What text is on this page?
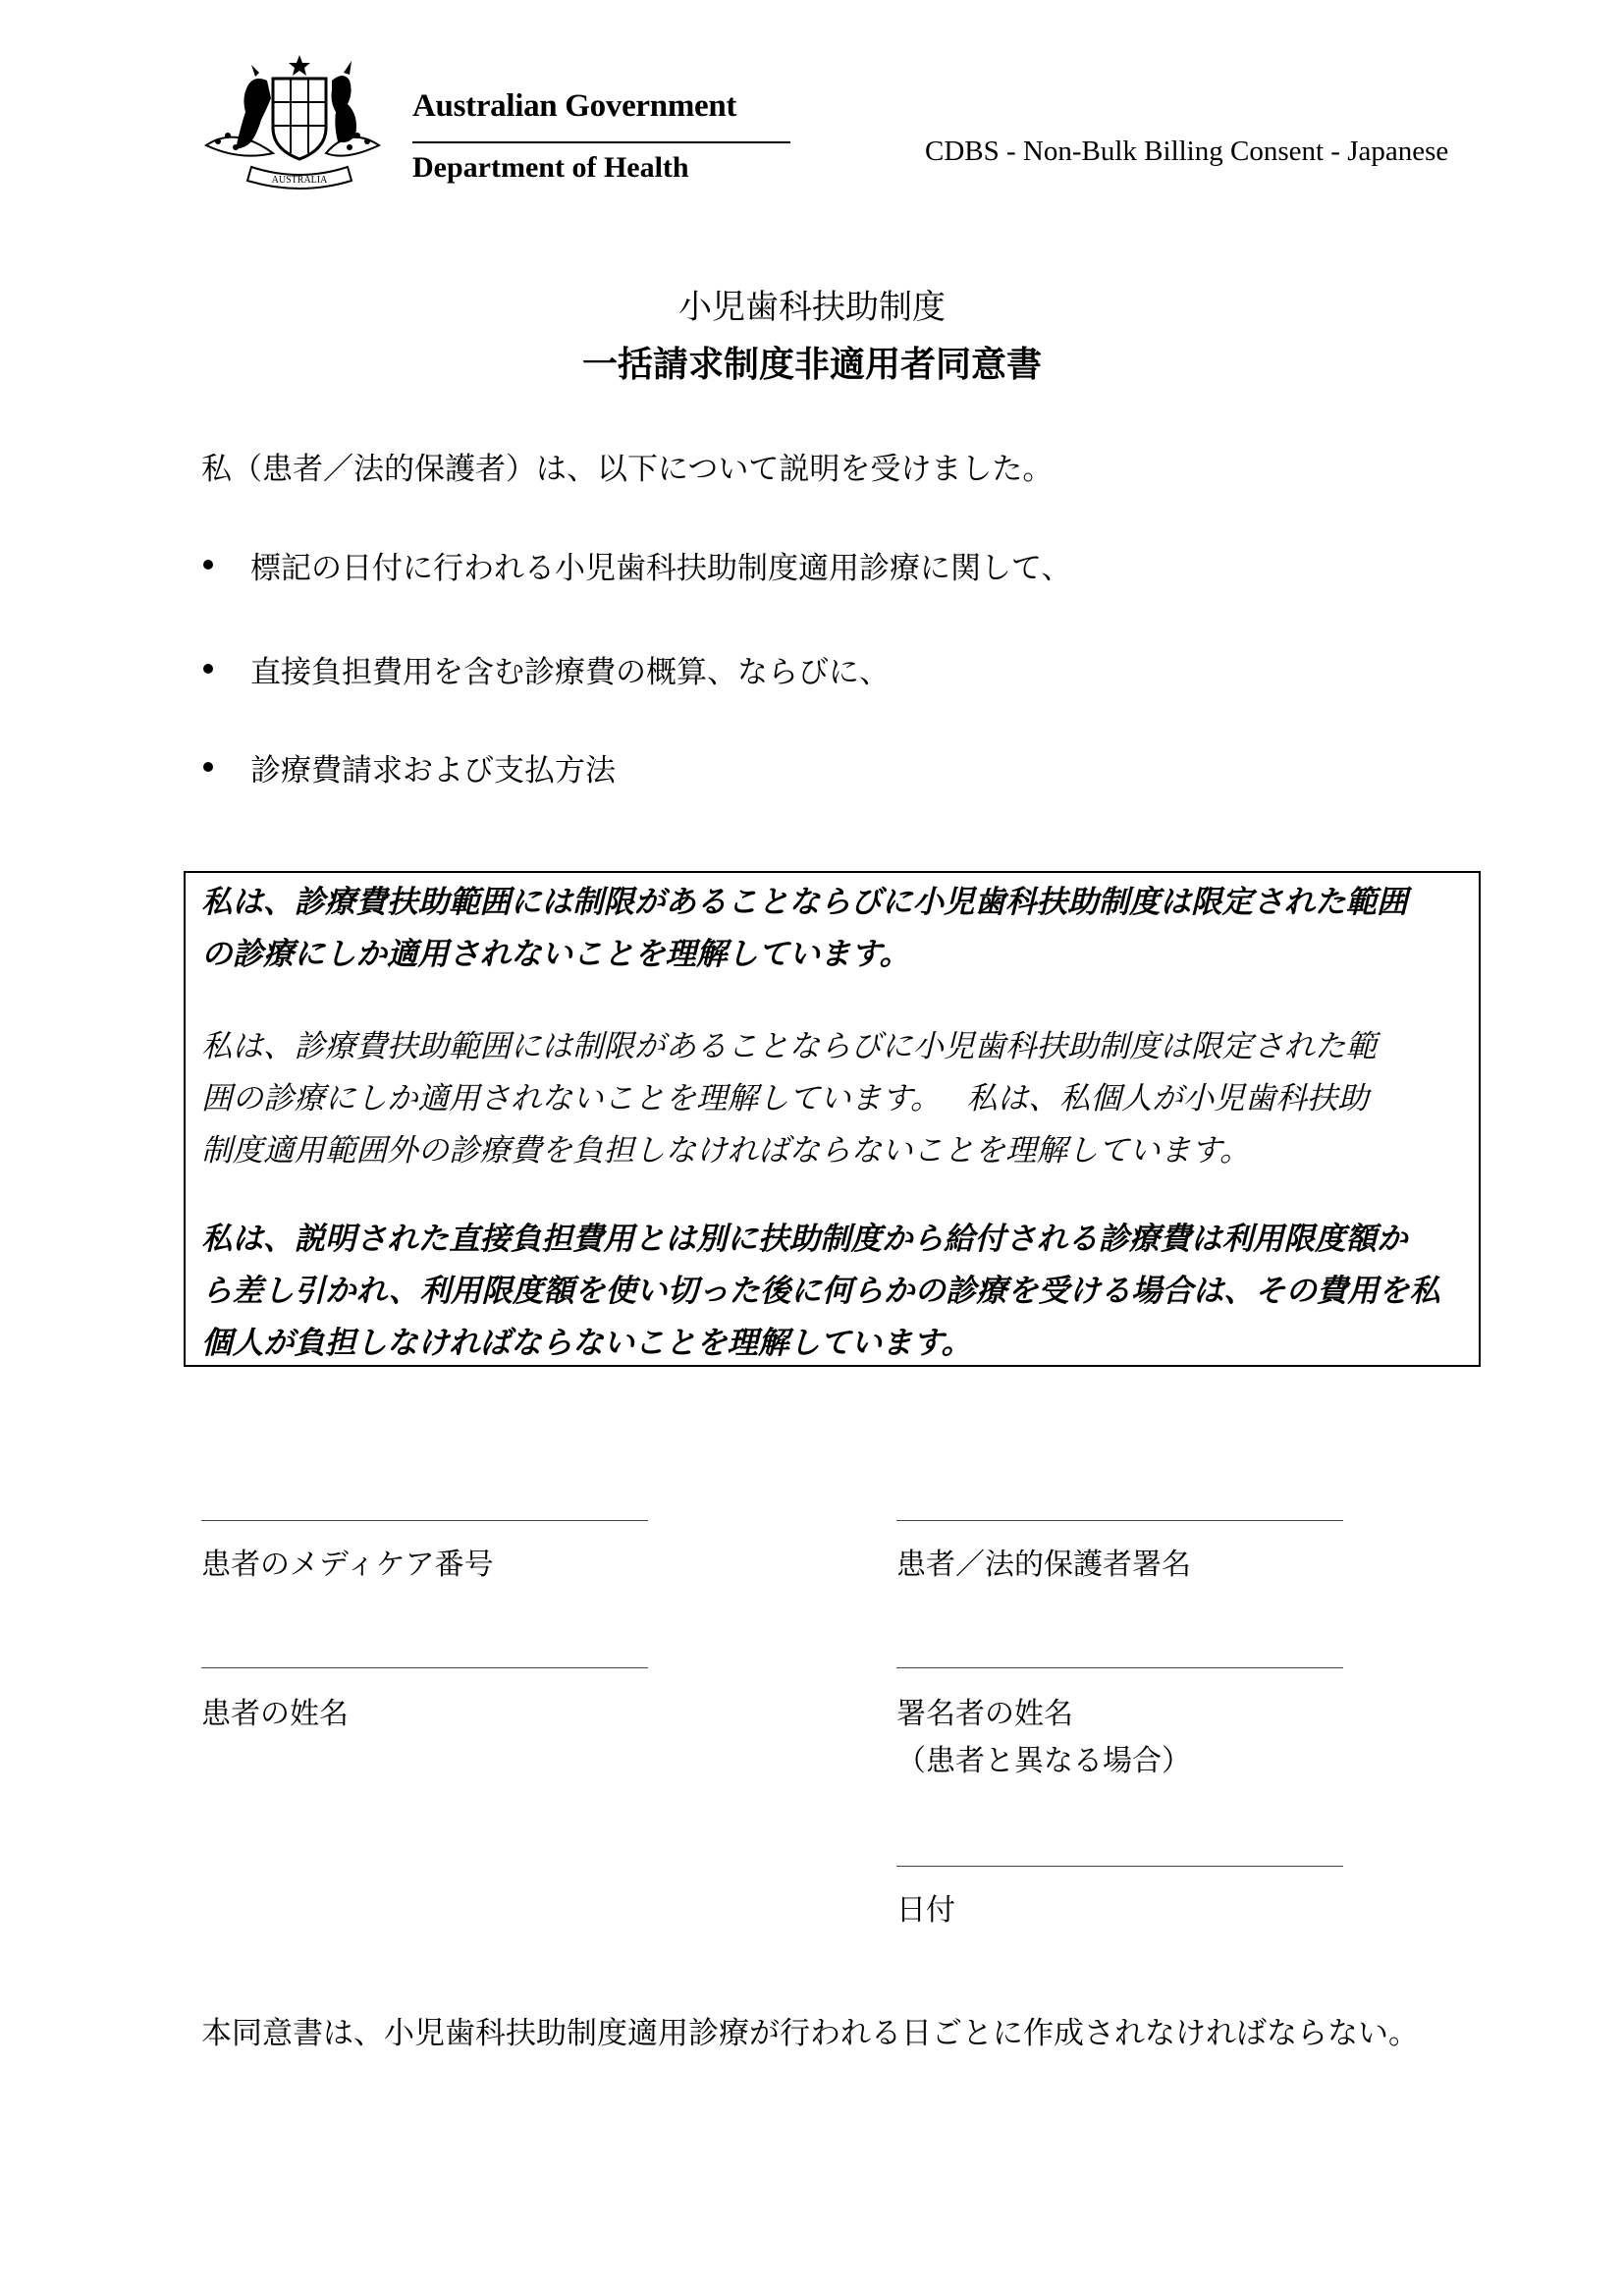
AUSTRALIA
Australian Government
Department of Health	CDBS - Non-Bulk Billing Consent - Japanese
小児歯科扶助制度
一括請求制度非適用者同意書
私（患者／法的保護者）は、以下について説明を受けました。
標記の日付に行われる小児歯科扶助制度適用診療に関して、
直接負担費用を含む診療費の概算、ならびに、
診療費請求および支払方法
私は、診療費扶助範囲には制限があることならびに小児歯科扶助制度は限定された範囲
の診療にしか適用されないことを理解しています。
私は、診療費扶助範囲には制限があることならびに小児歯科扶助制度は限定された範
囲の診療にしか適用されないことを理解しています。　 私は、私個人が小児歯科扶助
制度適用範囲外の診療費を負担しなければならないことを理解しています。
私は、説明された直接負担費用とは別に扶助制度から給付される診療費は利用限度額か
ら差し引かれ、利用限度額を使い切った後に何らかの診療を受ける場合は、その費用を私
個人が負担しなければならないことを理解しています。
患者のメディケア番号	患者／法的保護者署名
患者の姓名	署名者の姓名
（患者と異なる場合）
日付
本同意書は、小児歯科扶助制度適用診療が行われる日ごとに作成されなければならない。
